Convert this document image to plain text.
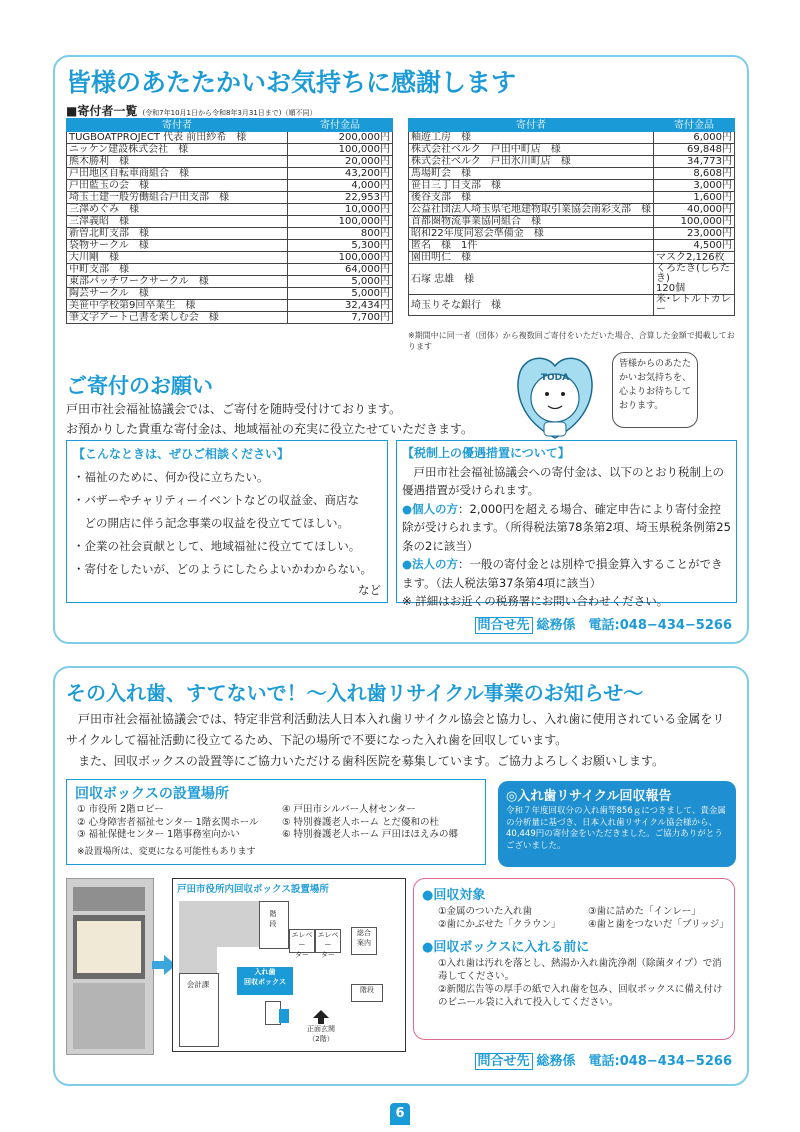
皆様のあたたかいお気持ちに感謝します
■寄付者一覧 (令和7年10月1日から令和8年3月31日まで)（順不同）
寄付者	寄付金品
TUGBOATPROJECT 代表 前田紗希　様	200,000円
ニッケン建設株式会社　様	100,000円
熊木勝利　様	20,000円
戸田地区自転車商組合　様	43,200円
戸田藍玉の会　様	4,000円
埼玉土建一般労働組合戸田支部　様	22,953円
三澤めぐみ　様	10,000円
三澤義昭　様	100,000円
新曽北町支部　様	800円
袋物サークル　様	5,300円
大川剛　様	100,000円
中町支部　様	64,000円
東部パッチワークサークル　様	5,000円
陶芸サークル　様	5,000円
美笹中学校第9回卒業生　様	32,434円
筆文字アート己書を楽しむ会　様	7,700円
寄付者	寄付金品
釉遊工房　様	6,000円
株式会社ベルク　戸田中町店　様	69,848円
株式会社ベルク　戸田氷川町店　様	34,773円
馬場町会　様	8,608円
笹目三丁目支部　様	3,000円
後谷支部　様	1,600円
公益社団法人埼玉県宅地建物取引業協会南彩支部　様	40,000円
首都圏物流事業協同組合　様	100,000円
昭和22年度同窓会準備金　様	23,000円
匿名　様　1件	4,500円
園田明仁　様	マスク2,126枚
石塚 忠雄　様	くろたき(しらたき)
120個
埼玉りそな銀行　様	米･レトルトカレー
※期間中に同一者（団体）から複数回ご寄付をいただいた場合、合算した金額で掲載しております
TODA
皆様からのあたたかいお気持ちを、心よりお待ちしております。
ご寄付のお願い
戸田市社会福祉協議会では、ご寄付を随時受付けております。
お預かりした貴重な寄付金は、地域福祉の充実に役立たせていただきます。
【こんなときは、ぜひご相談ください】
・福祉のために、何か役に立ちたい。
・バザーやチャリティーイベントなどの収益金、商店な
　どの開店に伴う記念事業の収益を役立ててほしい。
・企業の社会貢献として、地域福祉に役立ててほしい。
・寄付をしたいが、どのようにしたらよいかわからない。
など
【税制上の優遇措置について】
戸田市社会福祉協議会への寄付金は、以下のとおり税制上の優遇措置が受けられます。
●個人の方：2,000円を超える場合、確定申告により寄付金控除が受けられます。（所得税法第78条第2項、埼玉県税条例第25条の2に該当）
●法人の方：一般の寄付金とは別枠で損金算入することができます。（法人税法第37条第4項に該当）
※ 詳細はお近くの税務署にお問い合わせください。
問合せ先 総務係　電話:048−434−5266
その入れ歯、すてないで！～入れ歯リサイクル事業のお知らせ～
戸田市社会福祉協議会では、特定非営利活動法人日本入れ歯リサイクル協会と協力し、入れ歯に使用されている金属をリサイクルして福祉活動に役立てるため、下記の場所で不要になった入れ歯を回収しています。
また、回収ボックスの設置等にご協力いただける歯科医院を募集しています。ご協力よろしくお願いします。
回収ボックスの設置場所
① 市役所 2階ロビー
② 心身障害者福祉センター 1階玄関ホール
③ 福祉保健センター 1階事務室向かい
④ 戸田市シルバー人材センター
⑤ 特別養護老人ホーム とだ優和の杜
⑥ 特別養護老人ホーム 戸田ほほえみの郷
※設置場所は、変更になる可能性もあります
◎入れ歯リサイクル回収報告
令和７年度回収分の入れ歯等856ｇにつきまして、貴金属の分析量に基づき、日本入れ歯リサイクル協会様から、40,449円の寄付金をいただきました。ご協力ありがとうございました。
戸田市役所内回収ボックス設置場所
階
段
エレベー
ター
エレベー
ター
総合
案内
会計課
入れ歯
回収ボックス
階段
正面玄関
（2階）
●回収対象
①金属のついた入れ歯	③歯に詰めた「インレー」
②歯にかぶせた「クラウン」	④歯と歯をつないだ「ブリッジ」
●回収ボックスに入れる前に
①入れ歯は汚れを落とし、熱湯か入れ歯洗浄剤（除菌タイプ）で消毒してください。
②新聞広告等の厚手の紙で入れ歯を包み、回収ボックスに備え付けのビニール袋に入れて投入してください。
問合せ先 総務係　電話:048−434−5266
6
